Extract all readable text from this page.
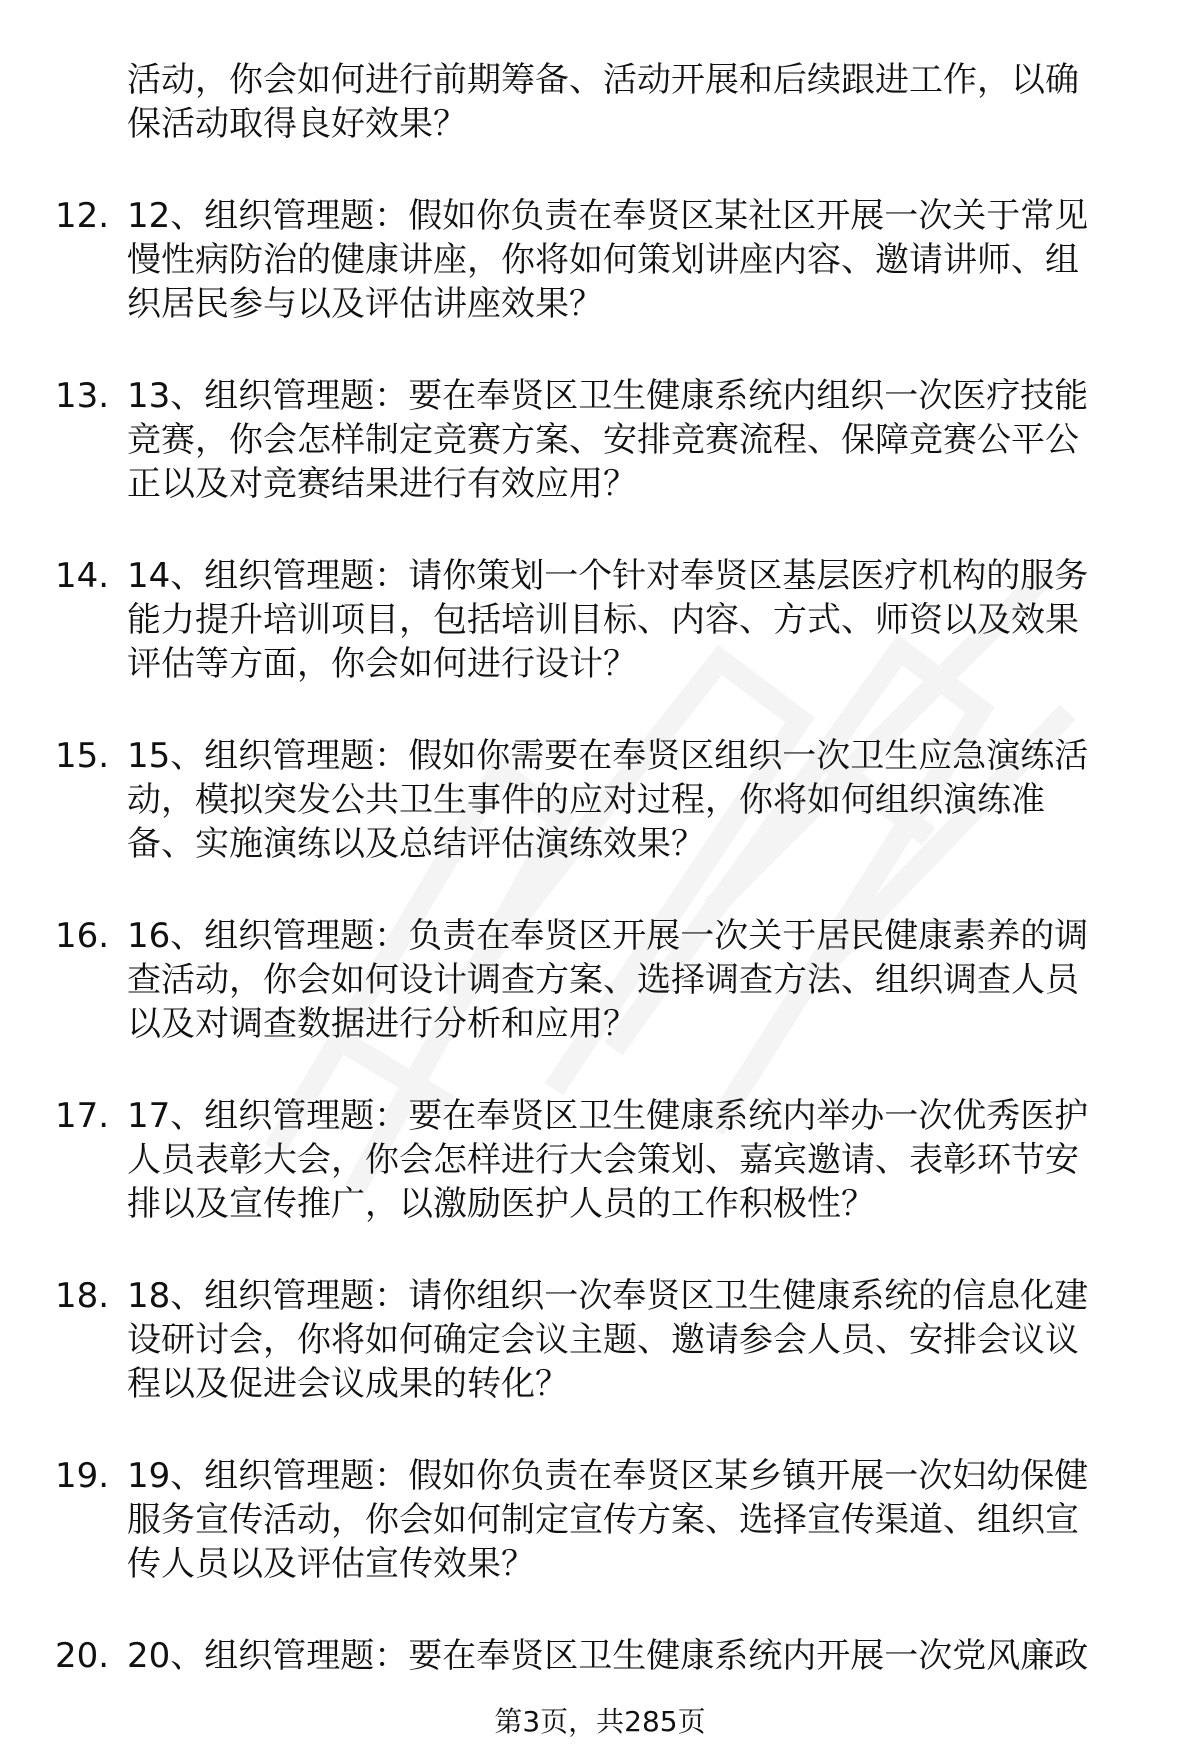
活动，你会如何进行前期筹备、活动开展和后续跟进工作，以确
保活动取得良好效果？
12. 12、组织管理题：假如你负责在奉贤区某社区开展一次关于常见
慢性病防治的健康讲座，你将如何策划讲座内容、邀请讲师、组
织居民参与以及评估讲座效果？
13. 13、组织管理题：要在奉贤区卫生健康系统内组织一次医疗技能
竞赛，你会怎样制定竞赛方案、安排竞赛流程、保障竞赛公平公
正以及对竞赛结果进行有效应用？
14. 14、组织管理题：请你策划一个针对奉贤区基层医疗机构的服务
能力提升培训项目，包括培训目标、内容、方式、师资以及效果
评估等方面，你会如何进行设计？
15. 15、组织管理题：假如你需要在奉贤区组织一次卫生应急演练活
动，模拟突发公共卫生事件的应对过程，你将如何组织演练准
备、实施演练以及总结评估演练效果？
16. 16、组织管理题：负责在奉贤区开展一次关于居民健康素养的调
查活动，你会如何设计调查方案、选择调查方法、组织调查人员
以及对调查数据进行分析和应用？
17. 17、组织管理题：要在奉贤区卫生健康系统内举办一次优秀医护
人员表彰大会，你会怎样进行大会策划、嘉宾邀请、表彰环节安
排以及宣传推广，以激励医护人员的工作积极性？
18. 18、组织管理题：请你组织一次奉贤区卫生健康系统的信息化建
设研讨会，你将如何确定会议主题、邀请参会人员、安排会议议
程以及促进会议成果的转化？
19. 19、组织管理题：假如你负责在奉贤区某乡镇开展一次妇幼保健
服务宣传活动，你会如何制定宣传方案、选择宣传渠道、组织宣
传人员以及评估宣传效果？
20. 20、组织管理题：要在奉贤区卫生健康系统内开展一次党风廉政
第3页，共285页
